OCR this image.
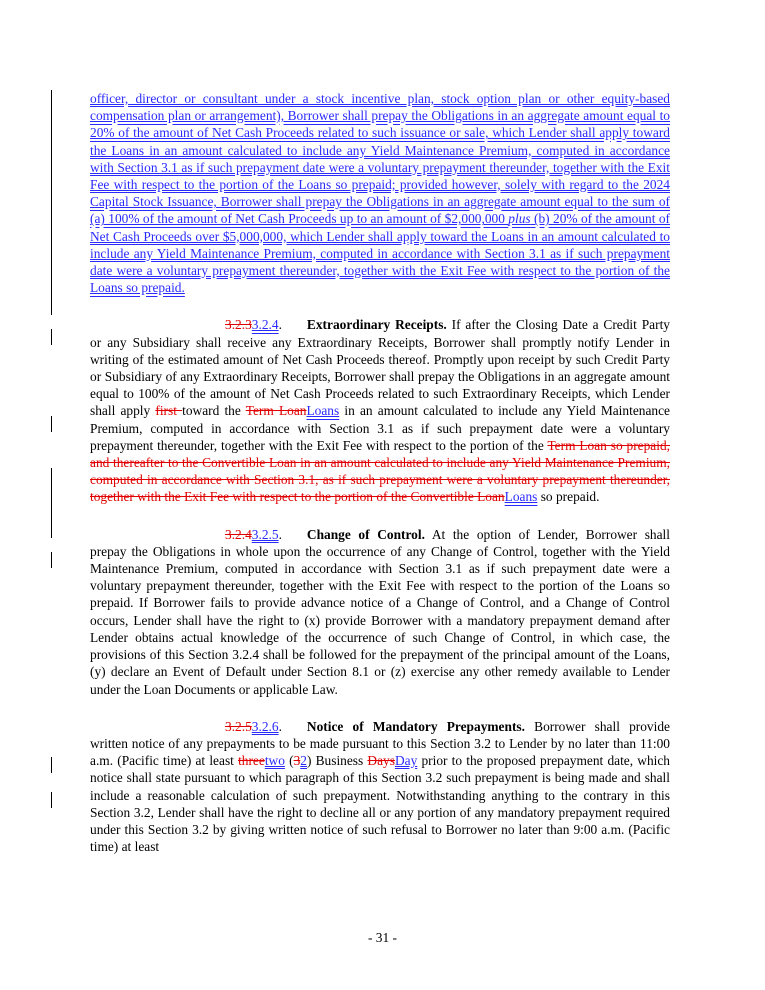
officer, director or consultant under a stock incentive plan, stock option plan or other equity-based compensation plan or arrangement), Borrower shall prepay the Obligations in an aggregate amount equal to 20% of the amount of Net Cash Proceeds related to such issuance or sale, which Lender shall apply toward the Loans in an amount calculated to include any Yield Maintenance Premium, computed in accordance with Section 3.1 as if such prepayment date were a voluntary prepayment thereunder, together with the Exit Fee with respect to the portion of the Loans so prepaid; provided however, solely with regard to the 2024 Capital Stock Issuance, Borrower shall prepay the Obligations in an aggregate amount equal to the sum of (a) 100% of the amount of Net Cash Proceeds up to an amount of $2,000,000 plus (b) 20% of the amount of Net Cash Proceeds over $5,000,000, which Lender shall apply toward the Loans in an amount calculated to include any Yield Maintenance Premium, computed in accordance with Section 3.1 as if such prepayment date were a voluntary prepayment thereunder, together with the Exit Fee with respect to the portion of the Loans so prepaid.

3.2.33.2.4. Extraordinary Receipts. If after the Closing Date a Credit Party or any Subsidiary shall receive any Extraordinary Receipts, Borrower shall promptly notify Lender in writing of the estimated amount of Net Cash Proceeds thereof. Promptly upon receipt by such Credit Party or Subsidiary of any Extraordinary Receipts, Borrower shall prepay the Obligations in an aggregate amount equal to 100% of the amount of Net Cash Proceeds related to such Extraordinary Receipts, which Lender shall apply first toward the Term LoanLoans in an amount calculated to include any Yield Maintenance Premium, computed in accordance with Section 3.1 as if such prepayment date were a voluntary prepayment thereunder, together with the Exit Fee with respect to the portion of the Term Loan so prepaid, and thereafter to the Convertible Loan in an amount calculated to include any Yield Maintenance Premium, computed in accordance with Section 3.1, as if such prepayment were a voluntary prepayment thereunder, together with the Exit Fee with respect to the portion of the Convertible LoanLoans so prepaid.

3.2.43.2.5. Change of Control. At the option of Lender, Borrower shall prepay the Obligations in whole upon the occurrence of any Change of Control, together with the Yield Maintenance Premium, computed in accordance with Section 3.1 as if such prepayment date were a voluntary prepayment thereunder, together with the Exit Fee with respect to the portion of the Loans so prepaid. If Borrower fails to provide advance notice of a Change of Control, and a Change of Control occurs, Lender shall have the right to (x) provide Borrower with a mandatory prepayment demand after Lender obtains actual knowledge of the occurrence of such Change of Control, in which case, the provisions of this Section 3.2.4 shall be followed for the prepayment of the principal amount of the Loans, (y) declare an Event of Default under Section 8.1 or (z) exercise any other remedy available to Lender under the Loan Documents or applicable Law.

3.2.53.2.6. Notice of Mandatory Prepayments. Borrower shall provide written notice of any prepayments to be made pursuant to this Section 3.2 to Lender by no later than 11:00 a.m. (Pacific time) at least threetwo (32) Business DaysDay prior to the proposed prepayment date, which notice shall state pursuant to which paragraph of this Section 3.2 such prepayment is being made and shall include a reasonable calculation of such prepayment. Notwithstanding anything to the contrary in this Section 3.2, Lender shall have the right to decline all or any portion of any mandatory prepayment required under this Section 3.2 by giving written notice of such refusal to Borrower no later than 9:00 a.m. (Pacific time) at least

- 31 -
